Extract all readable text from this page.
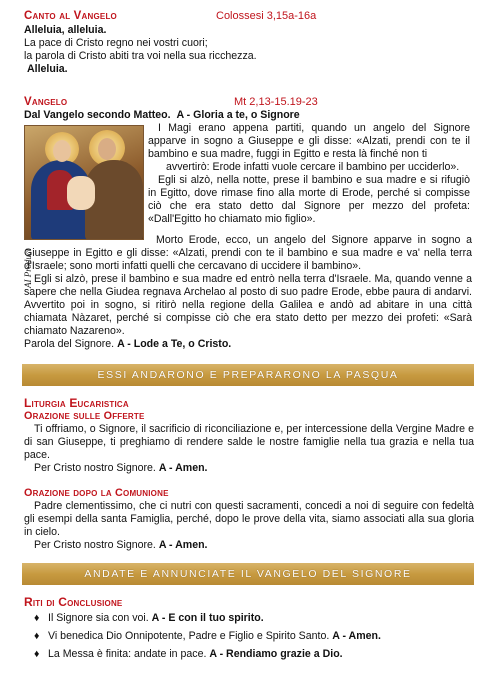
Canto al Vangelo	Colossesi 3,15a-16a

Alleluia, alleluia.

La pace di Cristo regno nei vostri cuori;

la parola di Cristo abiti tra voi nella sua ricchezza.

Alleluia.

Vangelo	Mt 2,13-15.19-23

Dal Vangelo secondo Matteo. A - Gloria a te, o Signore

AI Product

I Magi erano appena partiti, quando un angelo del Signore apparve in sogno a Giuseppe e gli disse: «Alzati, prendi con te il bambino e sua madre, fuggi in Egitto e resta là finché non ti

avvertirò: Erode infatti vuole cercare il bambino per ucciderlo».

Egli si alzò, nella notte, prese il bambino e sua madre e si rifugiò in Egitto, dove rimase fino alla morte di Erode, perché si compisse ciò che era stato detto dal Signore per mezzo del profeta: «Dall'Egitto ho chiamato mio figlio».

Morto Erode, ecco, un angelo del Signore apparve in sogno a Giuseppe in Egitto e gli disse: «Alzati, prendi con te il bambino e sua madre e va' nella terra d'Israele; sono morti infatti quelli che cercavano di uccidere il bambino».

Egli si alzò, prese il bambino e sua madre ed entrò nella terra d'Israele. Ma, quando venne a sapere che nella Giudea regnava Archelao al posto di suo padre Erode, ebbe paura di andarvi. Avvertito poi in sogno, si ritirò nella regione della Galilea e andò ad abitare in una città chiamata Nàzaret, perché si compisse ciò che era stato detto per mezzo dei profeti: «Sarà chiamato Nazareno».

Parola del Signore. A - Lode a Te, o Cristo.

ESSI ANDARONO E PREPARARONO LA PASQUA
Liturgia Eucaristica
Orazione sulle Offerte

Ti offriamo, o Signore, il sacrificio di riconciliazione e, per intercessione della Vergine Madre e di san Giuseppe, ti preghiamo di rendere salde le nostre famiglie nella tua grazia e nella tua pace.

Per Cristo nostro Signore. A - Amen.

Orazione dopo la Comunione

Padre clementissimo, che ci nutri con questi sacramenti, concedi a noi di seguire con fedeltà gli esempi della santa Famiglia, perché, dopo le prove della vita, siamo associati alla sua gloria in cielo.

Per Cristo nostro Signore. A - Amen.

ANDATE E ANNUNCIATE IL VANGELO DEL SIGNORE
Riti di Conclusione

♦ Il Signore sia con voi. A - E con il tuo spirito.

♦ Vi benedica Dio Onnipotente, Padre e Figlio e Spirito Santo. A - Amen.

♦ La Messa è finita: andate in pace. A - Rendiamo grazie a Dio.
